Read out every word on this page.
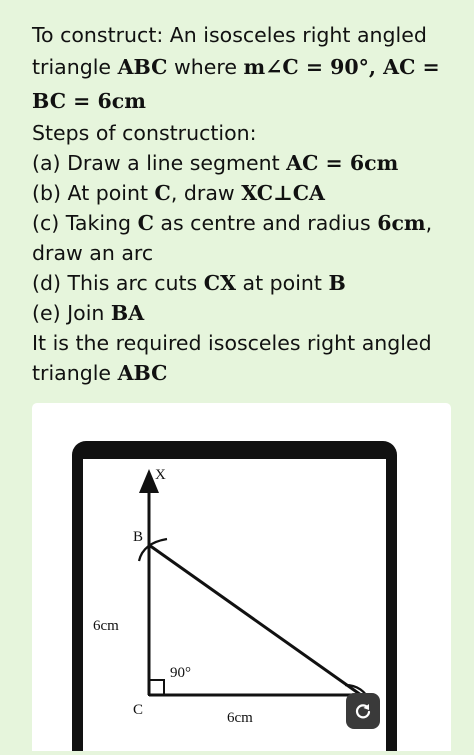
To construct: An isosceles right angled
triangle ABC where m∠C = 90°, AC =
BC = 6cm
Steps of construction:
(a) Draw a line segment AC = 6cm
(b) At point C, draw XC⊥CA
(c) Taking C as centre and radius 6cm,
draw an arc
(d) This arc cuts CX at point B
(e) Join BA
It is the required isosceles right angled
triangle ABC
X
B
C
6cm
6cm
90°
